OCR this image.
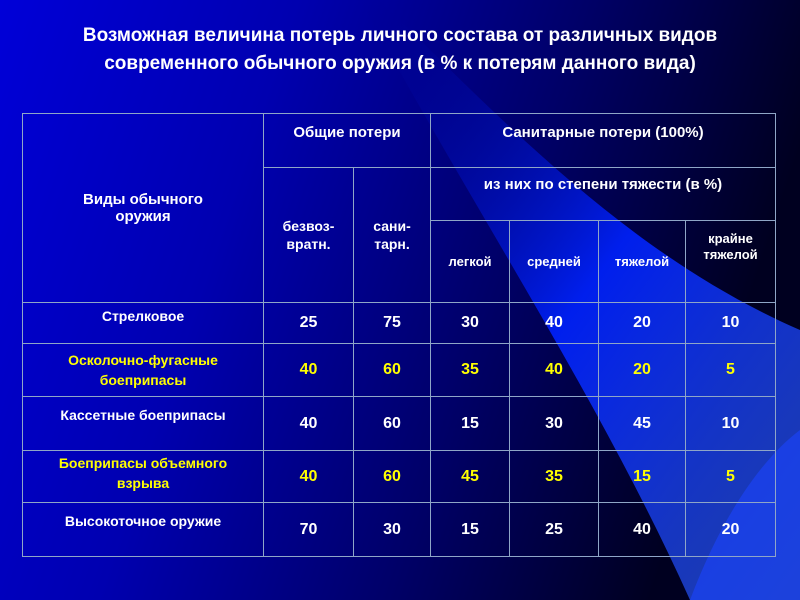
Возможная величина потерь личного состава от различных видов
современного обычного оружия (в % к потерям данного вида)
Виды обычного оружия	Общие потери		Санитарные потери (100%)			
	безвоз-вратн.	сани-тарн.	из них по степени тяжести (в %)			
			легкой	средней	тяжелой	крайне тяжелой
Стрелковое	25	75	30	40	20	10
Осколочно-фугасные боеприпасы	40	60	35	40	20	5
Кассетные боеприпасы	40	60	15	30	45	10
Боеприпасы объемного взрыва	40	60	45	35	15	5
Высокоточное оружие	70	30	15	25	40	20
